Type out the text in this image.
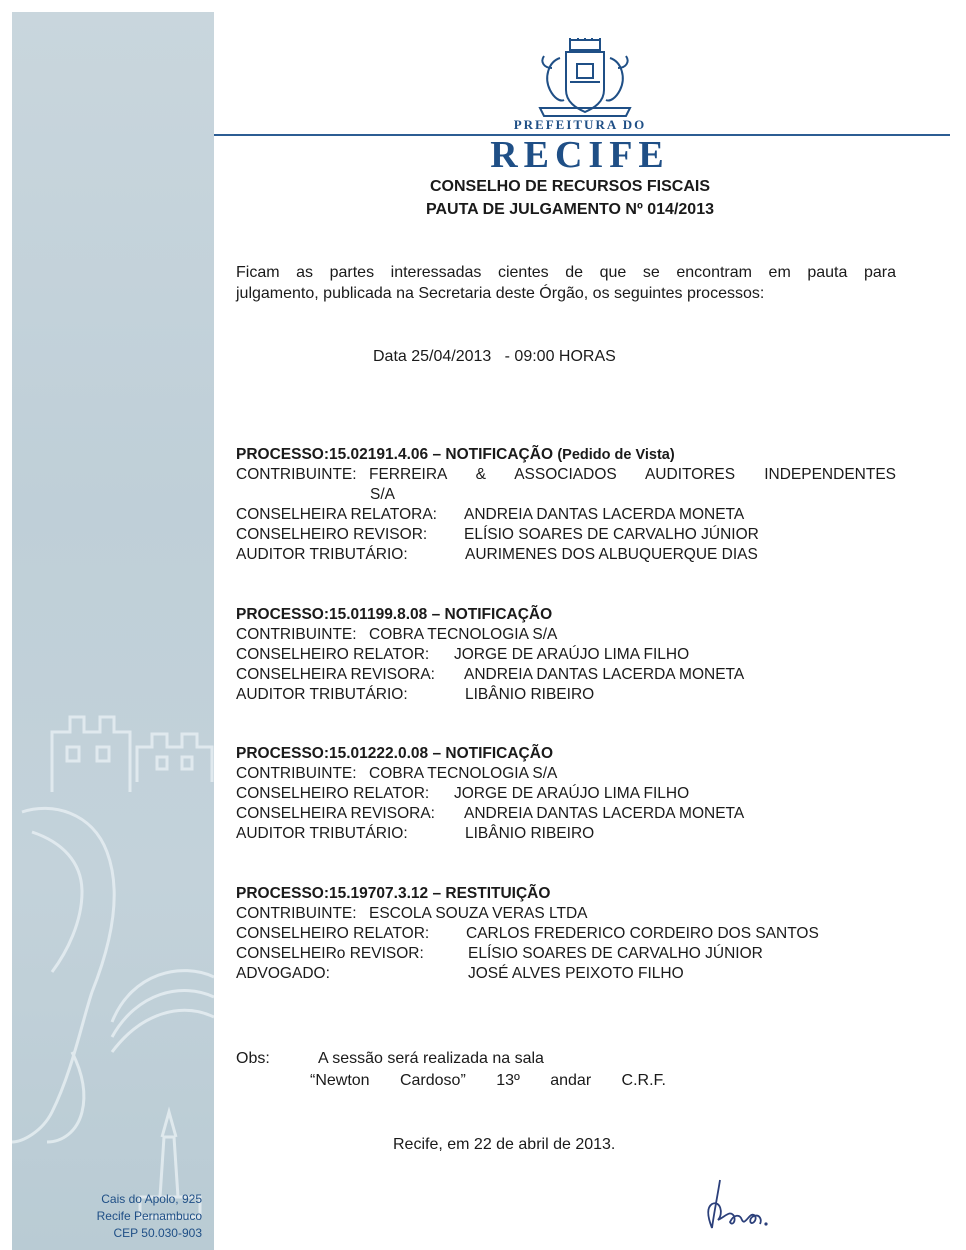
Cais do Apolo, 925
Recife Pernambuco
CEP 50.030-903
PREFEITURA DO
RECIFE
CONSELHO DE RECURSOS FISCAIS
PAUTA DE JULGAMENTO Nº 014/2013
Ficam as partes interessadas cientes de que se encontram em pauta para
julgamento, publicada na Secretaria deste Órgão, os seguintes processos:
Data 25/04/2013   - 09:00 HORAS
PROCESSO:15.02191.4.06 – NOTIFICAÇÃO (Pedido de Vista)
CONTRIBUINTE: FERREIRA & ASSOCIADOS AUDITORES INDEPENDENTES
S/A
CONSELHEIRA RELATORA: ANDREIA DANTAS LACERDA MONETA
CONSELHEIRO REVISOR: ELÍSIO SOARES DE CARVALHO JÚNIOR
AUDITOR TRIBUTÁRIO:	AURIMENES DOS ALBUQUERQUE DIAS
PROCESSO:15.01199.8.08 – NOTIFICAÇÃO
CONTRIBUINTE: COBRA TECNOLOGIA S/A
CONSELHEIRO RELATOR: JORGE DE ARAÚJO LIMA FILHO
CONSELHEIRA REVISORA: ANDREIA DANTAS LACERDA MONETA
AUDITOR TRIBUTÁRIO:	LIBÂNIO RIBEIRO
PROCESSO:15.01222.0.08 – NOTIFICAÇÃO
CONTRIBUINTE: COBRA TECNOLOGIA S/A
CONSELHEIRO RELATOR: JORGE DE ARAÚJO LIMA FILHO
CONSELHEIRA REVISORA: ANDREIA DANTAS LACERDA MONETA
AUDITOR TRIBUTÁRIO:	LIBÂNIO RIBEIRO
PROCESSO:15.19707.3.12 – RESTITUIÇÃO
CONTRIBUINTE: ESCOLA SOUZA VERAS LTDA
CONSELHEIRO RELATOR: CARLOS FREDERICO CORDEIRO DOS SANTOS
CONSELHEIRo REVISOR:	ELÍSIO SOARES DE CARVALHO JÚNIOR
ADVOGADO:	JOSÉ ALVES PEIXOTO FILHO
Obs:	A sessão será realizada na sala
“Newton Cardoso” 13º andar C.R.F.
Recife, em 22 de abril de 2013.
